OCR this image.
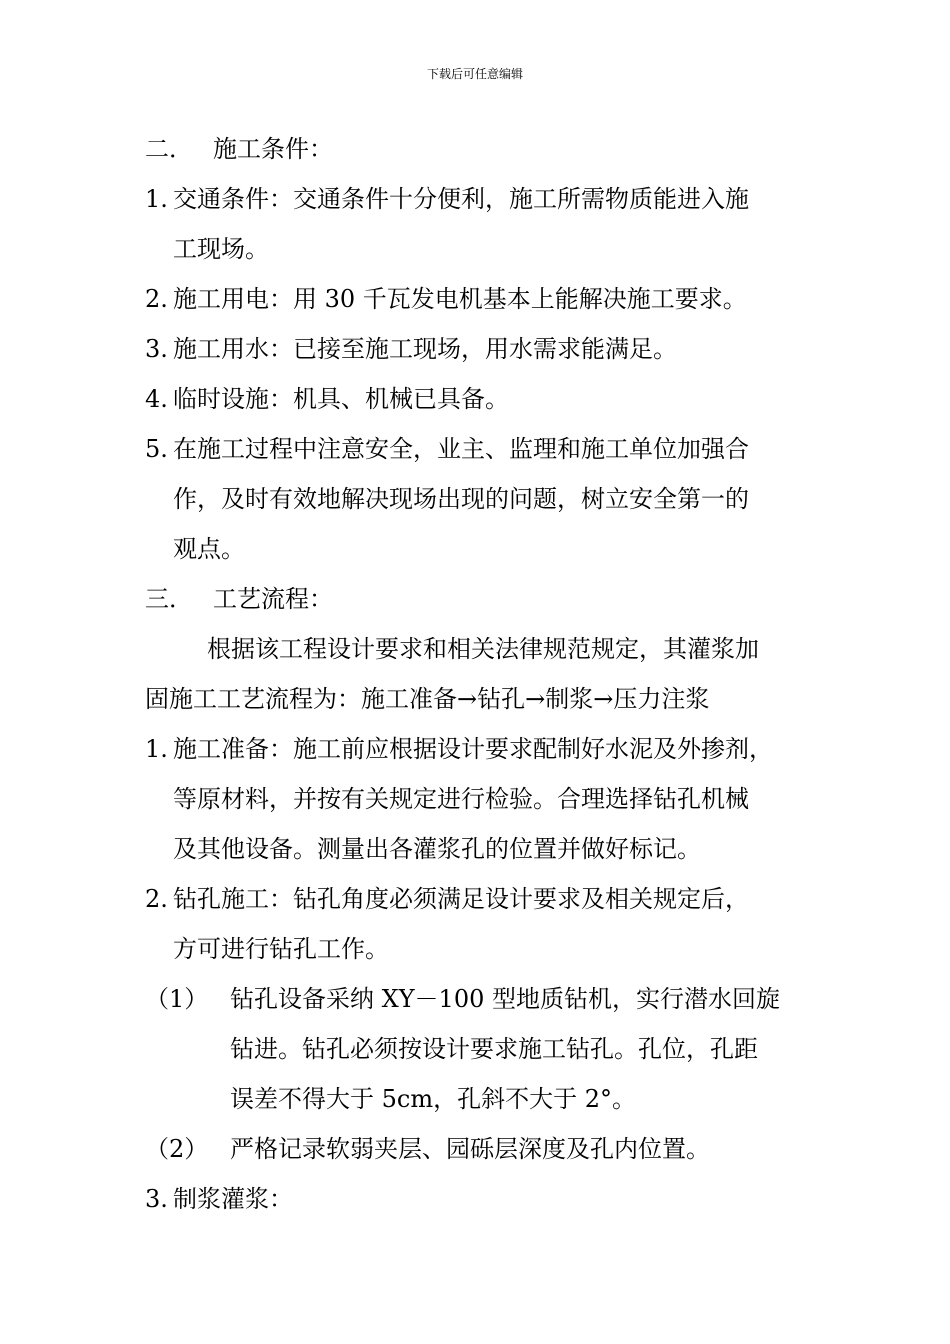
下载后可任意编辑
二． 施工条件：
1. 交通条件：交通条件十分便利，施工所需物质能进入施
工现场。
2. 施工用电：用 30 千瓦发电机基本上能解决施工要求。
3. 施工用水：已接至施工现场，用水需求能满足。
4. 临时设施：机具、机械已具备。
5. 在施工过程中注意安全，业主、监理和施工单位加强合
作，及时有效地解决现场出现的问题，树立安全第一的
观点。
三． 工艺流程：
根据该工程设计要求和相关法律规范规定，其灌浆加
固施工工艺流程为：施工准备→钻孔→制浆→压力注浆
1. 施工准备：施工前应根据设计要求配制好水泥及外掺剂，
等原材料，并按有关规定进行检验。合理选择钻孔机械
及其他设备。测量出各灌浆孔的位置并做好标记。
2. 钻孔施工：钻孔角度必须满足设计要求及相关规定后，
方可进行钻孔工作。
（1） 钻孔设备采纳 XY－100 型地质钻机，实行潜水回旋
钻进。钻孔必须按设计要求施工钻孔。孔位，孔距
误差不得大于 5cm，孔斜不大于 2°。
（2） 严格记录软弱夹层、园砾层深度及孔内位置。
3. 制浆灌浆：
